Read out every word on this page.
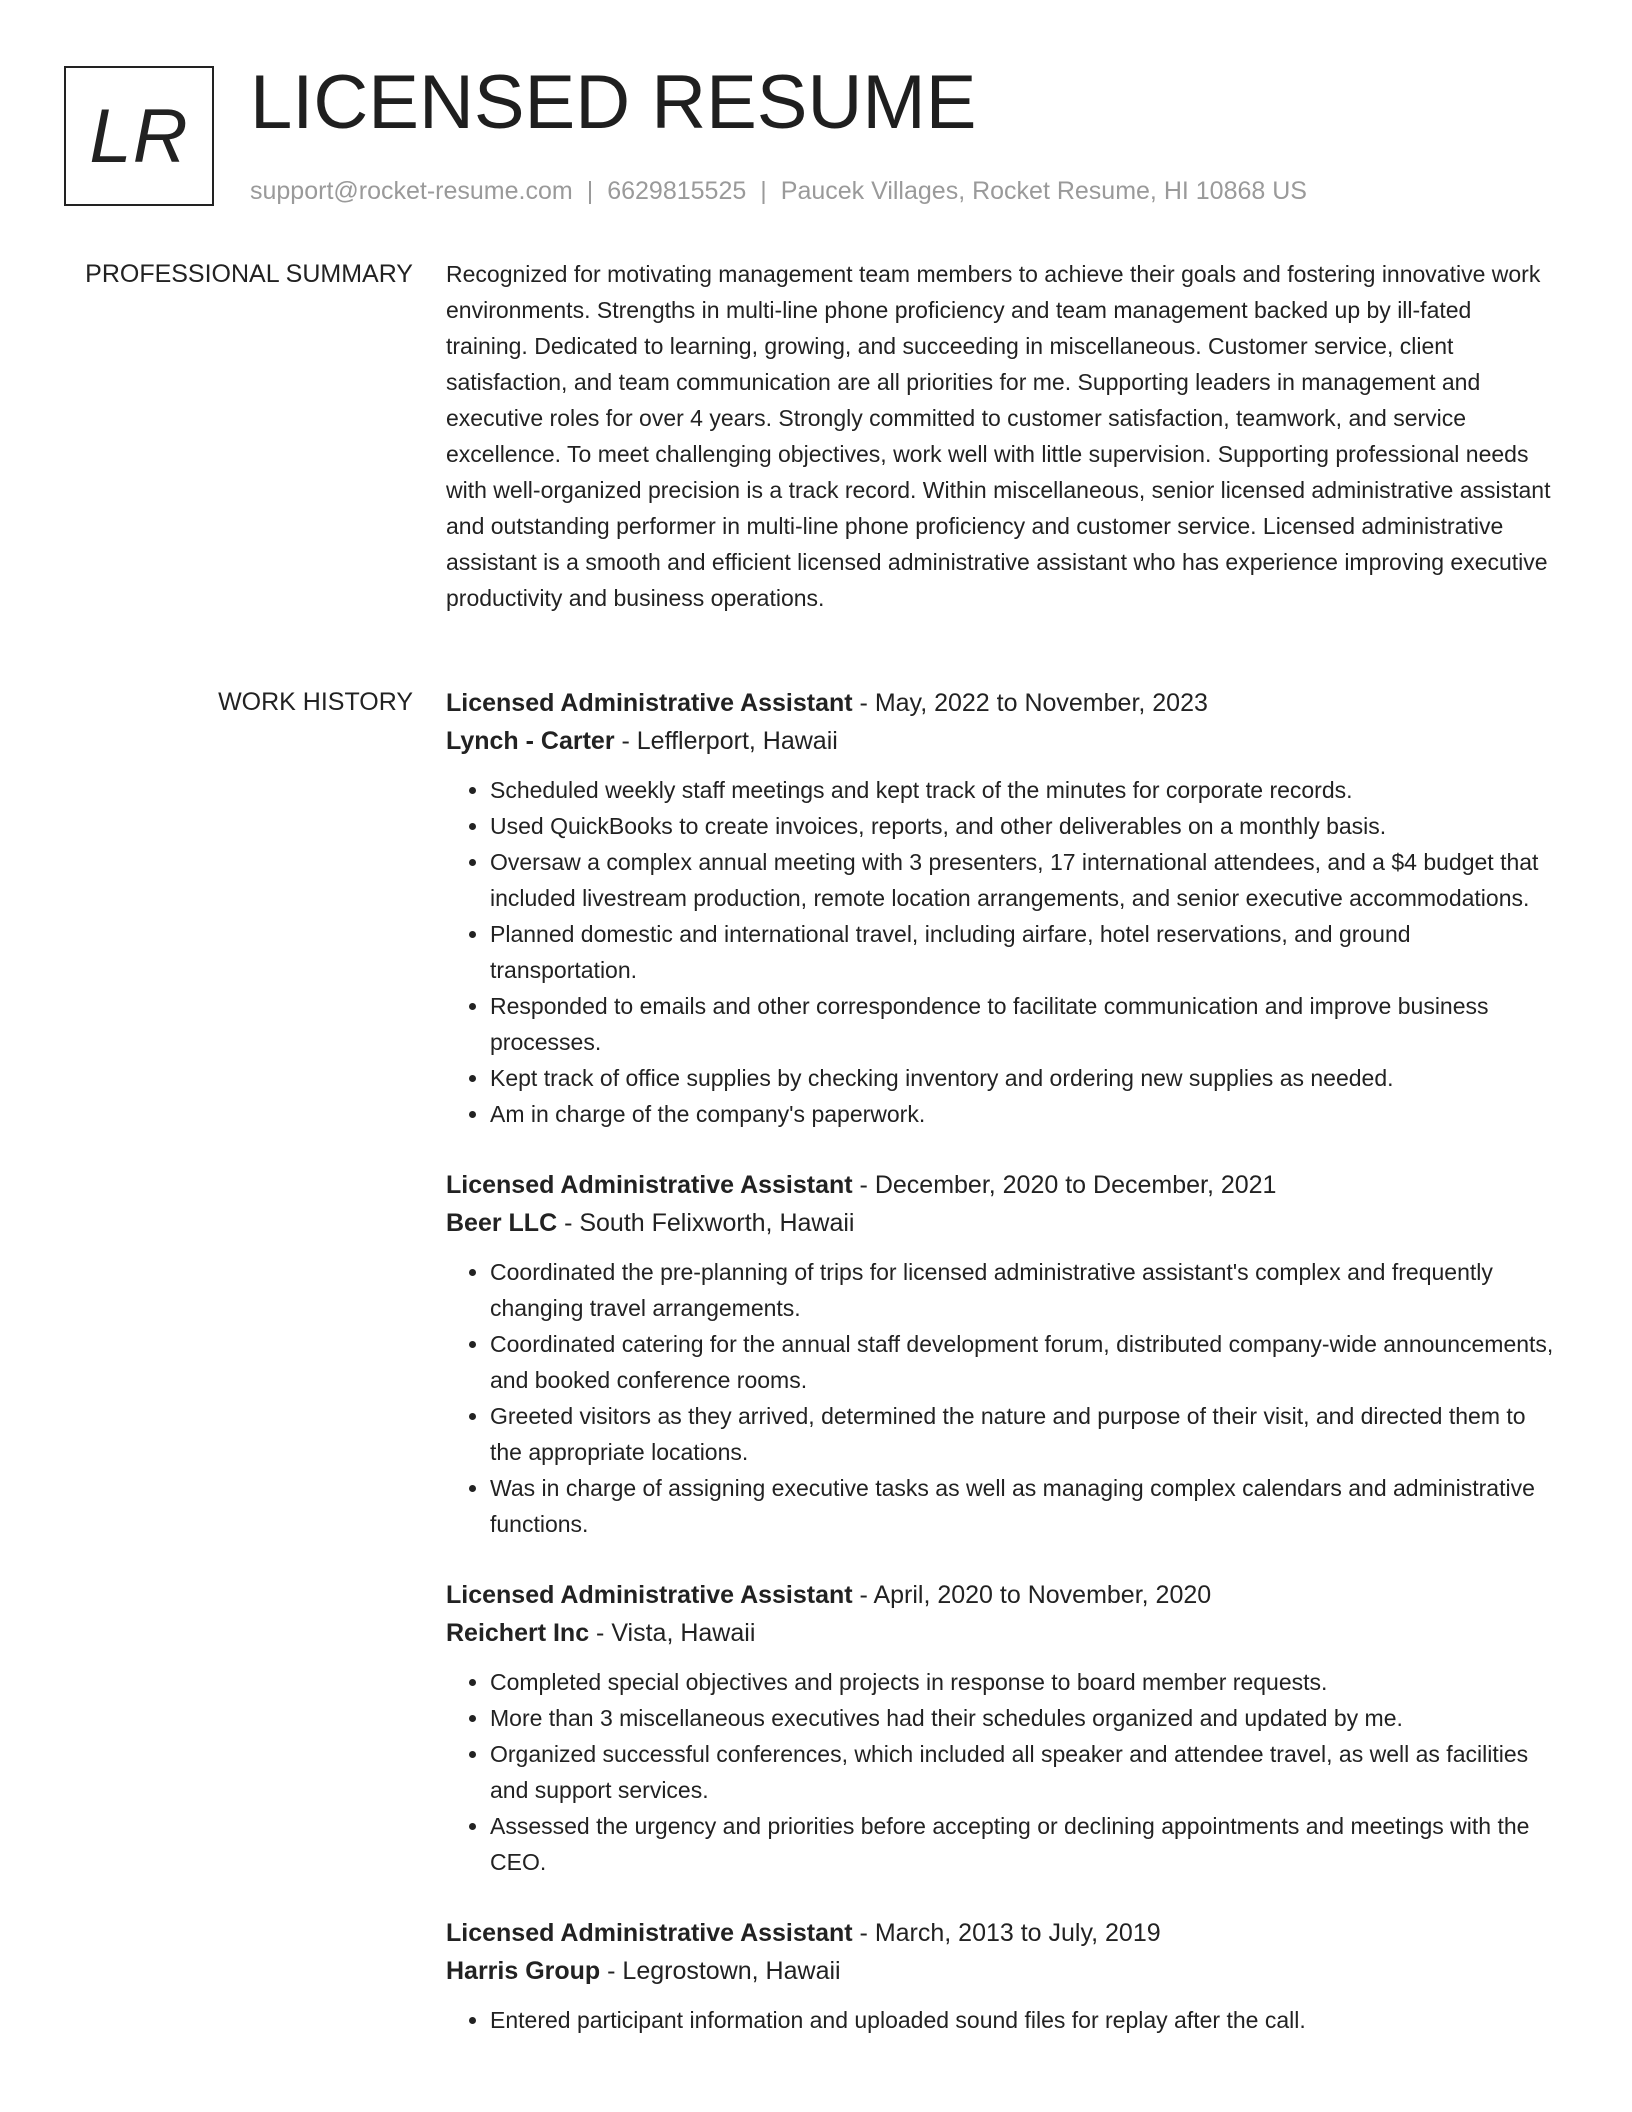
LR LICENSED RESUME
support@rocket-resume.com | 6629815525 | Paucek Villages, Rocket Resume, HI 10868 US
PROFESSIONAL SUMMARY Recognized for motivating management team members to achieve their goals and fostering innovative work environments. Strengths in multi-line phone proficiency and team management backed up by ill-fated training. Dedicated to learning, growing, and succeeding in miscellaneous. Customer service, client satisfaction, and team communication are all priorities for me. Supporting leaders in management and executive roles for over 4 years. Strongly committed to customer satisfaction, teamwork, and service excellence. To meet challenging objectives, work well with little supervision. Supporting professional needs with well-organized precision is a track record. Within miscellaneous, senior licensed administrative assistant and outstanding performer in multi-line phone proficiency and customer service. Licensed administrative assistant is a smooth and efficient licensed administrative assistant who has experience improving executive productivity and business operations.

WORK HISTORY Licensed Administrative Assistant - May, 2022 to November, 2023
Lynch - Carter - Lefflerport, Hawaii
• Scheduled weekly staff meetings and kept track of the minutes for corporate records.
• Used QuickBooks to create invoices, reports, and other deliverables on a monthly basis.
• Oversaw a complex annual meeting with 3 presenters, 17 international attendees, and a $4 budget that included livestream production, remote location arrangements, and senior executive accommodations.
• Planned domestic and international travel, including airfare, hotel reservations, and ground transportation.
• Responded to emails and other correspondence to facilitate communication and improve business processes.
• Kept track of office supplies by checking inventory and ordering new supplies as needed.
• Am in charge of the company's paperwork.
Licensed Administrative Assistant - December, 2020 to December, 2021
Beer LLC - South Felixworth, Hawaii
• Coordinated the pre-planning of trips for licensed administrative assistant's complex and frequently changing travel arrangements.
• Coordinated catering for the annual staff development forum, distributed company-wide announcements, and booked conference rooms.
• Greeted visitors as they arrived, determined the nature and purpose of their visit, and directed them to the appropriate locations.
• Was in charge of assigning executive tasks as well as managing complex calendars and administrative functions.
Licensed Administrative Assistant - April, 2020 to November, 2020
Reichert Inc - Vista, Hawaii
• Completed special objectives and projects in response to board member requests.
• More than 3 miscellaneous executives had their schedules organized and updated by me.
• Organized successful conferences, which included all speaker and attendee travel, as well as facilities and support services.
• Assessed the urgency and priorities before accepting or declining appointments and meetings with the CEO.
Licensed Administrative Assistant - March, 2013 to July, 2019
Harris Group - Legrostown, Hawaii
• Entered participant information and uploaded sound files for replay after the call.
